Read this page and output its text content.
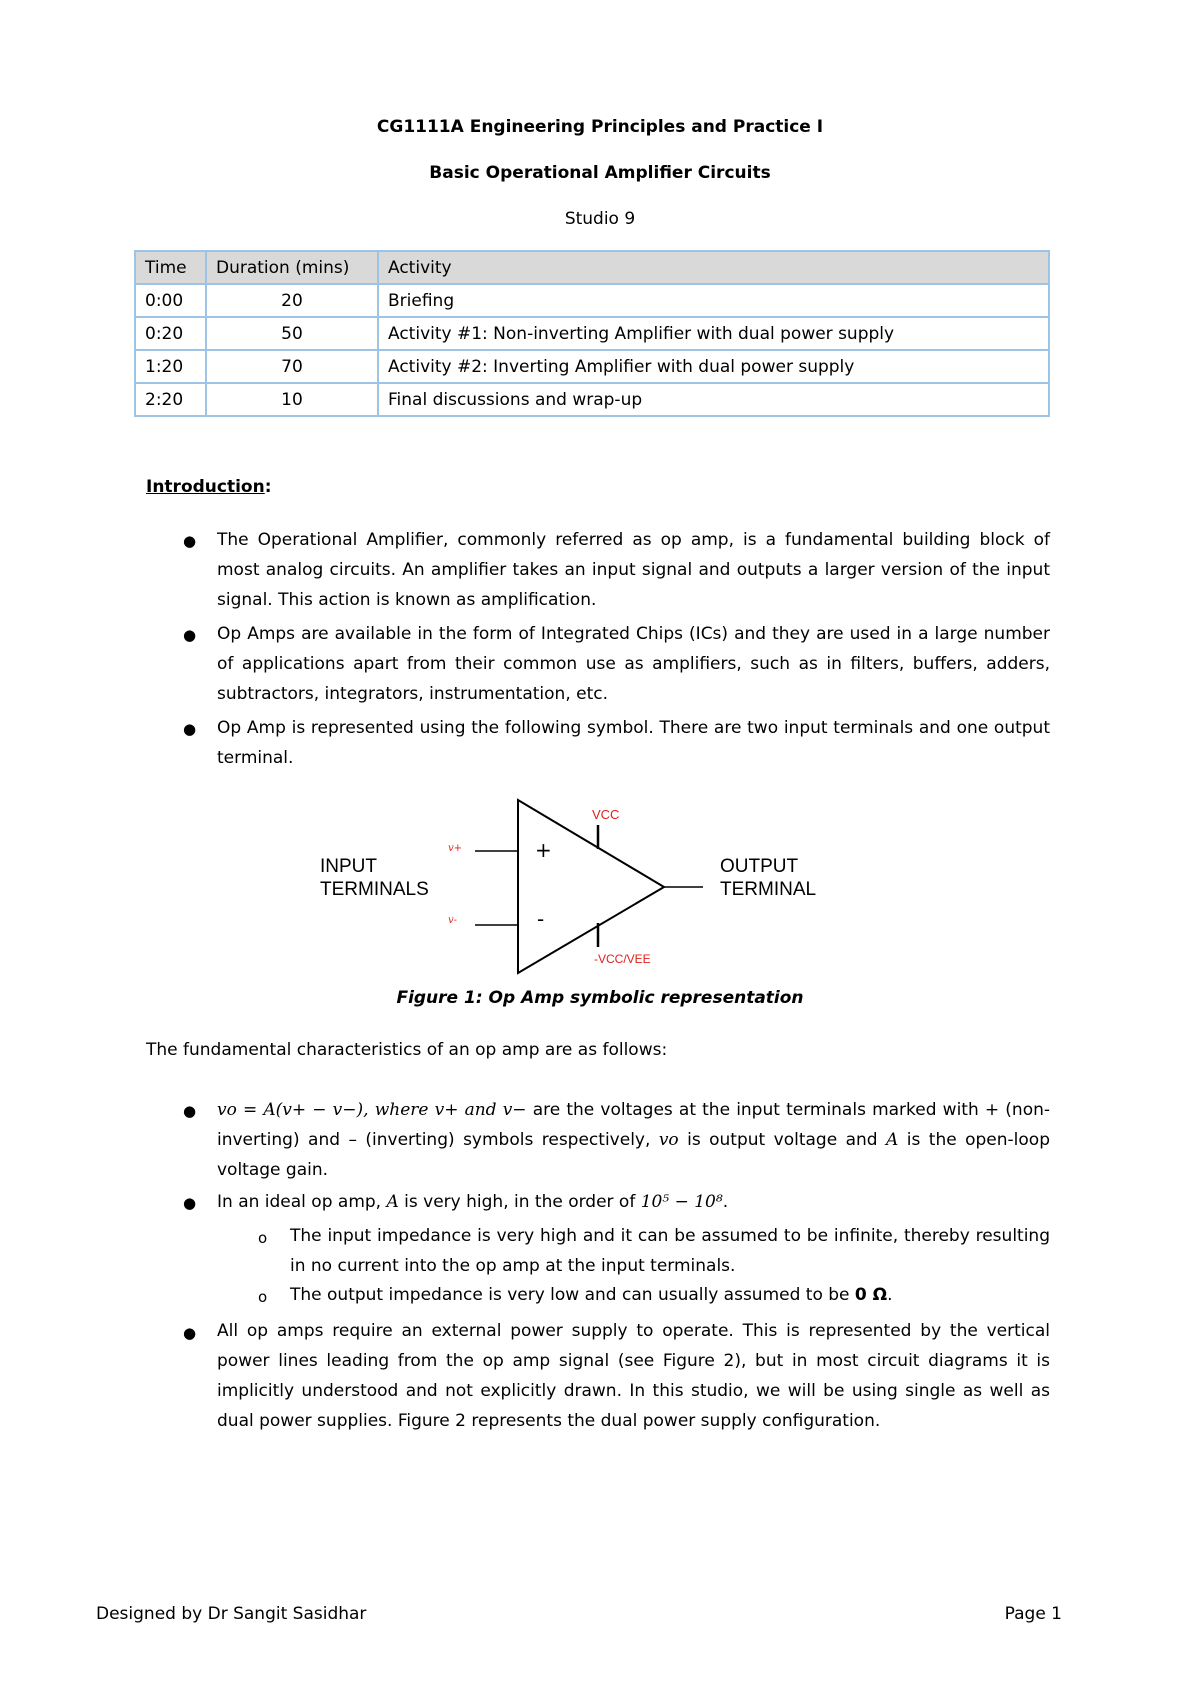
CG1111A Engineering Principles and Practice I
Basic Operational Amplifier Circuits
Studio 9
Time	Duration (mins)	Activity
0:00	20	Briefing
0:20	50	Activity #1: Non-inverting Amplifier with dual power supply
1:20	70	Activity #2: Inverting Amplifier with dual power supply
2:20	10	Final discussions and wrap-up
Introduction:
● The Operational Amplifier, commonly referred as op amp, is a fundamental building block of most analog circuits. An amplifier takes an input signal and outputs a larger version of the input signal. This action is known as amplification.
● Op Amps are available in the form of Integrated Chips (ICs) and they are used in a large number of applications apart from their common use as amplifiers, such as in filters, buffers, adders, subtractors, integrators, instrumentation, etc.
● Op Amp is represented using the following symbol. There are two input terminals and one output terminal.
+
-
INPUT
TERMINALS
OUTPUT
TERMINAL
v+
v-
VCC
-VCC/VEE
Figure 1: Op Amp symbolic representation
The fundamental characteristics of an op amp are as follows:
● vo = A(v+ − v−), where v+ and v− are the voltages at the input terminals marked with + (non-inverting) and – (inverting) symbols respectively, vo is output voltage and A is the open-loop voltage gain.
● In an ideal op amp, A is very high, in the order of 10⁵ − 10⁸.
o The input impedance is very high and it can be assumed to be infinite, thereby resulting in no current into the op amp at the input terminals.
o The output impedance is very low and can usually assumed to be 0 Ω.
● All op amps require an external power supply to operate. This is represented by the vertical power lines leading from the op amp signal (see Figure 2), but in most circuit diagrams it is implicitly understood and not explicitly drawn. In this studio, we will be using single as well as dual power supplies. Figure 2 represents the dual power supply configuration.
Designed by Dr Sangit Sasidhar	Page 1
